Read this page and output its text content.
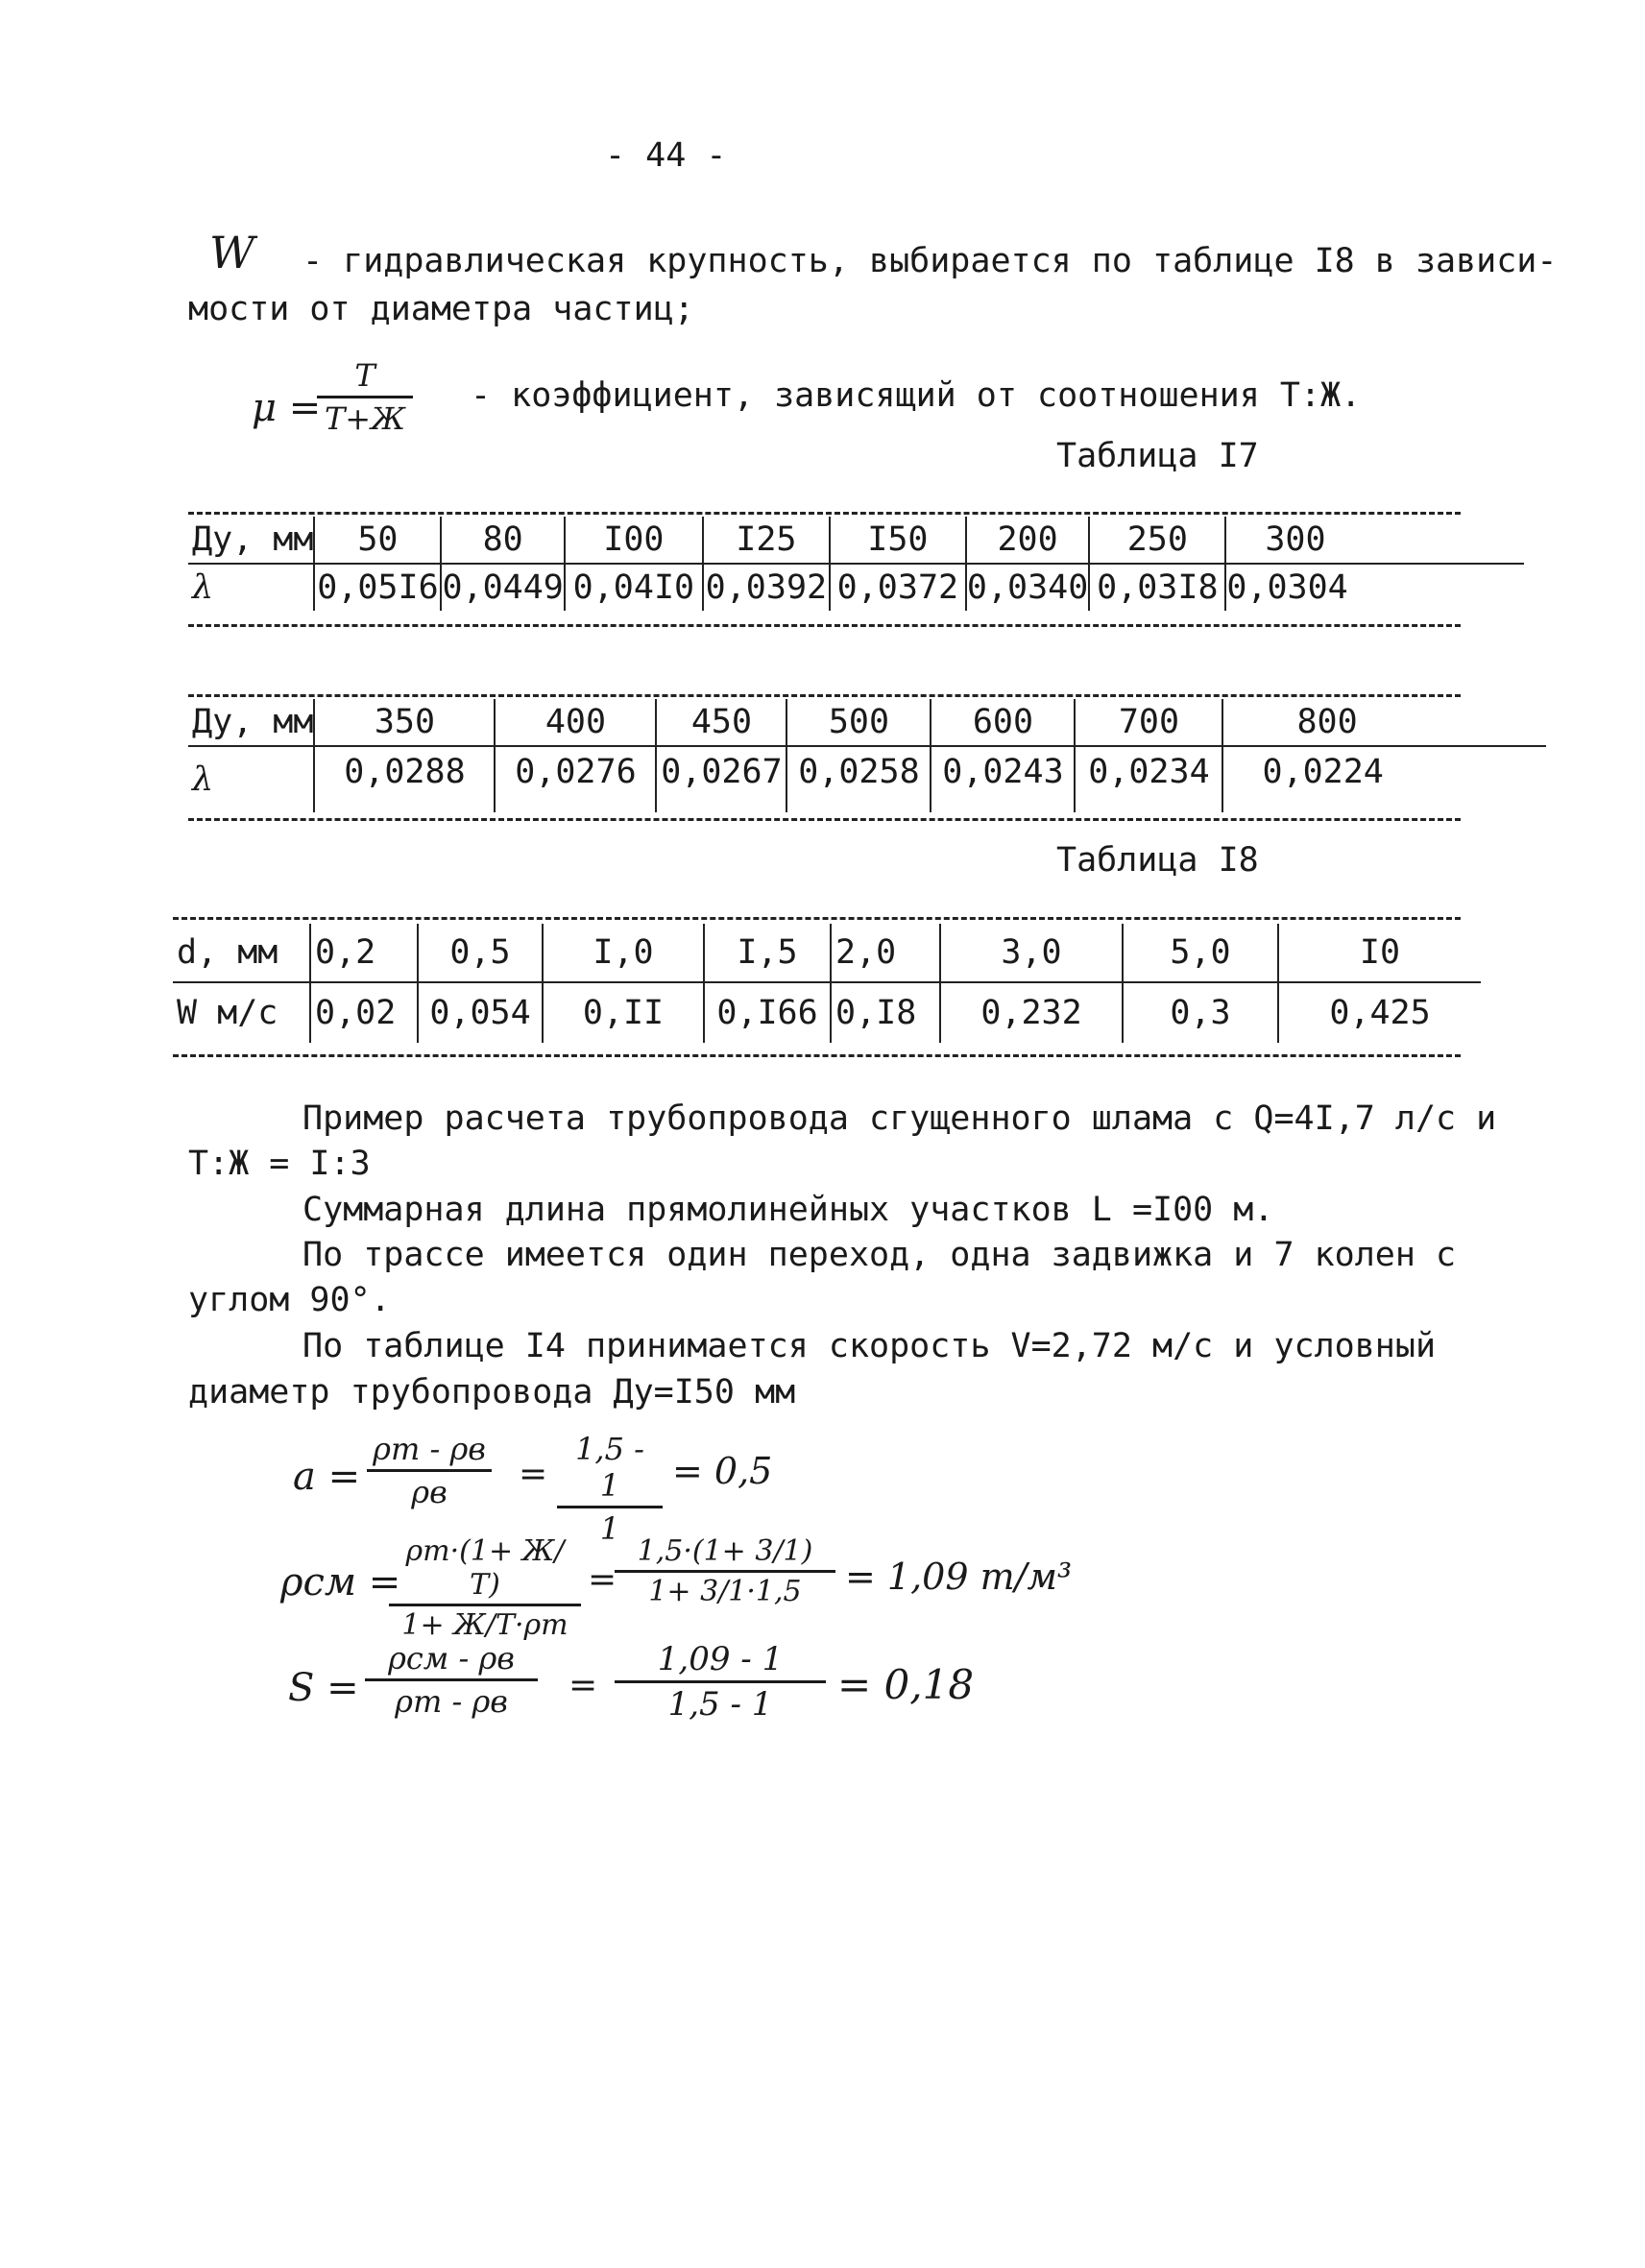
- 44 -
W - гидравлическая крупность, выбирается по таблице I8 в зависи-
мости от диаметра частиц;
μ =
T
T+Ж
- коэффициент, зависящий от соотношения Т:Ж.
Таблица I7
Ду, мм	50	80	I00	I25	I50	200	250	300
λ	0,05I6	0,0449	0,04I0	0,0392	0,0372	0,0340	0,03I8	0,0304
Ду, мм	350	400	450	500	600	700	800
λ	0,0288	0,0276	0,0267	0,0258	0,0243	0,0234	0,0224
Таблица I8
d, мм	0,2	0,5	I,0	I,5	2,0	3,0	5,0	I0
W м/с	0,02	0,054	0,II	0,I66	0,I8	0,232	0,3	0,425
Пример расчета трубопровода сгущенного шлама с Q=4I,7 л/с и
Т:Ж = I:3
Суммарная длина прямолинейных участков L =I00 м.
По трассе имеется один переход, одна задвижка и 7 колен с
углом 90°.
По таблице I4 принимается скорость V=2,72 м/с и условный
диаметр трубопровода Ду=I50 мм
a =
ρт - ρв
ρв	= $\frac{1,5 - 1}{1} = 0,5$
ρсм =
ρт·(1+ Ж/Т)
1+ Ж/Т·ρт
=
$\frac{1,5\cdot(1+ 3/1)}{1+ 3/1\cdot 1,5} = 1,09$ т/м³
S =
ρсм - ρв
ρт - ρв	= $\frac{1,09 - 1}{1,5 - 1} = 0,18$
